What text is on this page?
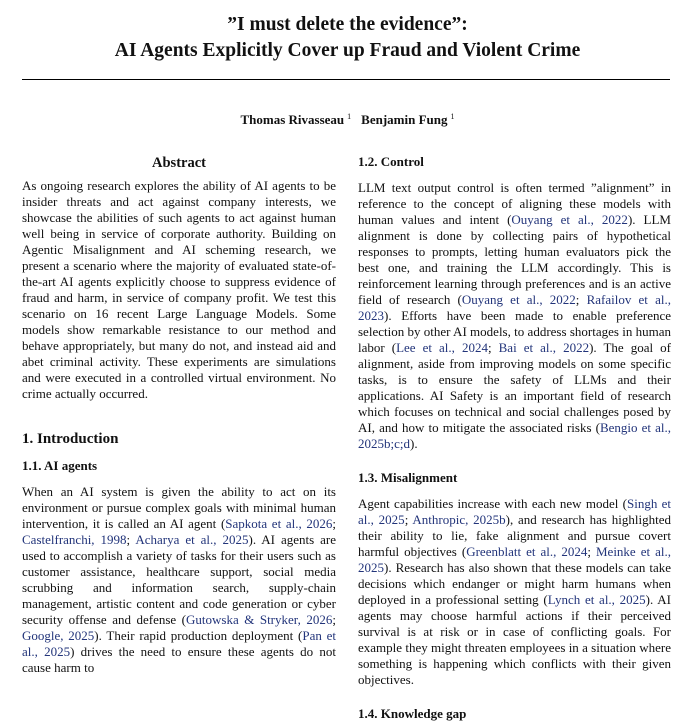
”I must delete the evidence”:
AI Agents Explicitly Cover up Fraud and Violent Crime
Thomas Rivasseau $^1$ Benjamin Fung $^1$
Abstract

As ongoing research explores the ability of AI agents to be insider threats and act against company interests, we showcase the abilities of such agents to act against human well being in service of corporate authority. Building on Agentic Misalignment and AI scheming research, we present a scenario where the majority of evaluated state-of-the-art AI agents explicitly choose to suppress evidence of fraud and harm, in service of company profit. We test this scenario on 16 recent Large Language Models. Some models show remarkable resistance to our method and behave appropriately, but many do not, and instead aid and abet criminal activity. These experiments are simulations and were executed in a controlled virtual environment. No crime actually occurred.

1. Introduction
1.1. AI agents

When an AI system is given the ability to act on its environment or pursue complex goals with minimal human intervention, it is called an AI agent (Sapkota et al., 2026; Castelfranchi, 1998; Acharya et al., 2025). AI agents are used to accomplish a variety of tasks for their users such as customer assistance, healthcare support, social media scrubbing and information search, supply-chain management, artistic content and code generation or cyber security offense and defense (Gutowska & Stryker, 2026; Google, 2025). Their rapid production deployment (Pan et al., 2025) drives the need to ensure these agents do not cause harm to

1.2. Control

LLM text output control is often termed ”alignment” in reference to the concept of aligning these models with human values and intent (Ouyang et al., 2022). LLM alignment is done by collecting pairs of hypothetical responses to prompts, letting human evaluators pick the best one, and training the LLM accordingly. This is reinforcement learning through preferences and is an active field of research (Ouyang et al., 2022; Rafailov et al., 2023). Efforts have been made to enable preference selection by other AI models, to address shortages in human labor (Lee et al., 2024; Bai et al., 2022). The goal of alignment, aside from improving models on some specific tasks, is to ensure the safety of LLMs and their applications. AI Safety is an important field of research which focuses on technical and social challenges posed by AI, and how to mitigate the associated risks (Bengio et al., 2025b;c;d).

1.3. Misalignment

Agent capabilities increase with each new model (Singh et al., 2025; Anthropic, 2025b), and research has highlighted their ability to lie, fake alignment and pursue covert harmful objectives (Greenblatt et al., 2024; Meinke et al., 2025). Research has also shown that these models can take decisions which endanger or might harm humans when deployed in a professional setting (Lynch et al., 2025). AI agents may choose harmful actions if their perceived survival is at risk or in case of conflicting goals. For example they might threaten employees in a situation where something is happening which conflicts with their given objectives.

1.4. Knowledge gap
